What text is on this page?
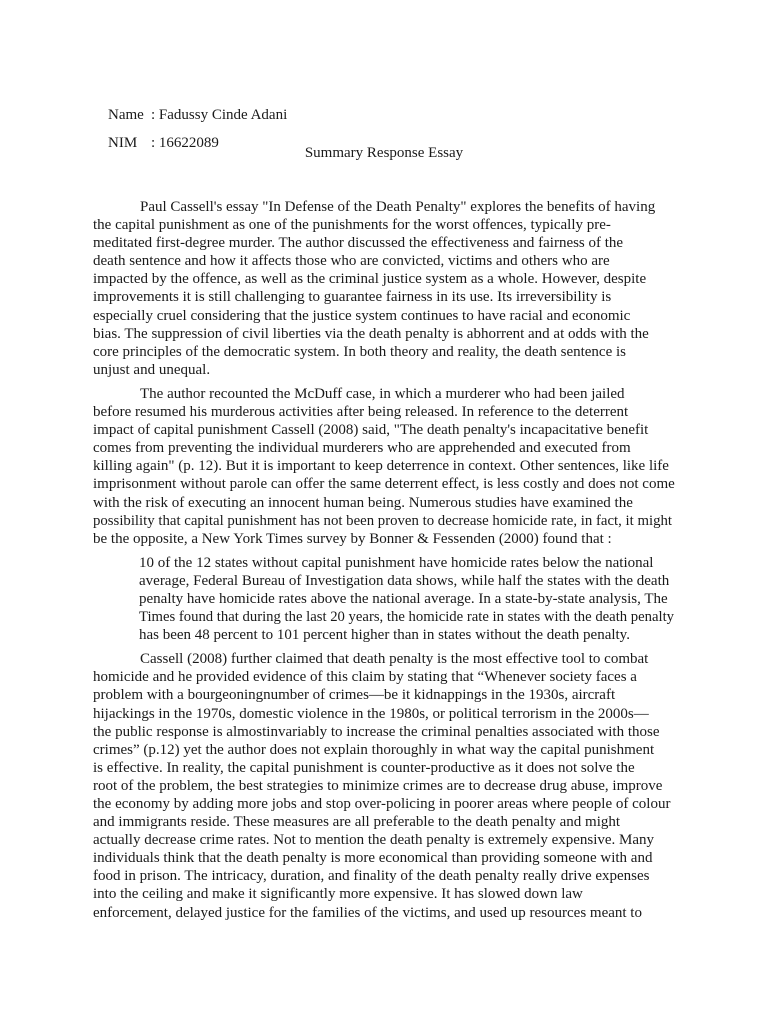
Name : Fadussy Cinde Adani

NIM : 16622089

Summary Response Essay
Paul Cassell's essay "In Defense of the Death Penalty" explores the benefits of having
the capital punishment as one of the punishments for the worst offences, typically pre-
meditated first-degree murder. The author discussed the effectiveness and fairness of the
death sentence and how it affects those who are convicted, victims and others who are
impacted by the offence, as well as the criminal justice system as a whole. However, despite
improvements it is still challenging to guarantee fairness in its use. Its irreversibility is
especially cruel considering that the justice system continues to have racial and economic
bias. The suppression of civil liberties via the death penalty is abhorrent and at odds with the
core principles of the democratic system. In both theory and reality, the death sentence is
unjust and unequal.
The author recounted the McDuff case, in which a murderer who had been jailed
before resumed his murderous activities after being released. In reference to the deterrent
impact of capital punishment Cassell (2008) said, "The death penalty's incapacitative benefit
comes from preventing the individual murderers who are apprehended and executed from
killing again" (p. 12). But it is important to keep deterrence in context. Other sentences, like life
imprisonment without parole can offer the same deterrent effect, is less costly and does not come
with the risk of executing an innocent human being. Numerous studies have examined the
possibility that capital punishment has not been proven to decrease homicide rate, in fact, it might
be the opposite, a New York Times survey by Bonner & Fessenden (2000) found that :
10 of the 12 states without capital punishment have homicide rates below the national
average, Federal Bureau of Investigation data shows, while half the states with the death
penalty have homicide rates above the national average. In a state-by-state analysis, The
Times found that during the last 20 years, the homicide rate in states with the death penalty
has been 48 percent to 101 percent higher than in states without the death penalty.
Cassell (2008) further claimed that death penalty is the most effective tool to combat
homicide and he provided evidence of this claim by stating that “Whenever society faces a
problem with a bourgeoningnumber of crimes—be it kidnappings in the 1930s, aircraft
hijackings in the 1970s, domestic violence in the 1980s, or political terrorism in the 2000s—
the public response is almostinvariably to increase the criminal penalties associated with those
crimes” (p.12) yet the author does not explain thoroughly in what way the capital punishment
is effective. In reality, the capital punishment is counter-productive as it does not solve the
root of the problem, the best strategies to minimize crimes are to decrease drug abuse, improve
the economy by adding more jobs and stop over-policing in poorer areas where people of colour
and immigrants reside. These measures are all preferable to the death penalty and might
actually decrease crime rates. Not to mention the death penalty is extremely expensive. Many
individuals think that the death penalty is more economical than providing someone with and
food in prison. The intricacy, duration, and finality of the death penalty really drive expenses
into the ceiling and make it significantly more expensive. It has slowed down law
enforcement, delayed justice for the families of the victims, and used up resources meant to
